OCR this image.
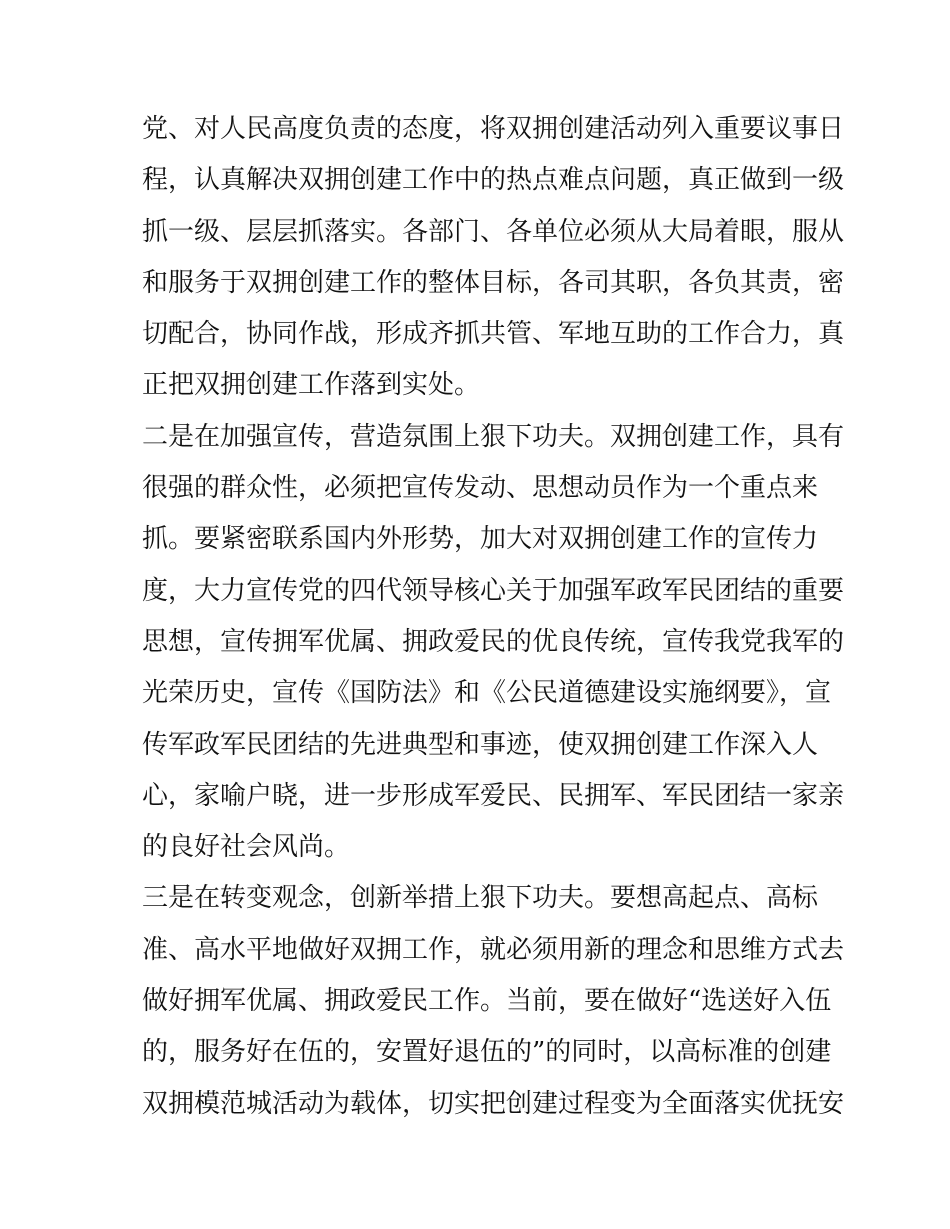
党、对人民高度负责的态度，将双拥创建活动列入重要议事日
程，认真解决双拥创建工作中的热点难点问题，真正做到一级
抓一级、层层抓落实。各部门、各单位必须从大局着眼，服从
和服务于双拥创建工作的整体目标，各司其职，各负其责，密
切配合，协同作战，形成齐抓共管、军地互助的工作合力，真
正把双拥创建工作落到实处。
二是在加强宣传，营造氛围上狠下功夫。双拥创建工作，具有
很强的群众性，必须把宣传发动、思想动员作为一个重点来
抓。要紧密联系国内外形势，加大对双拥创建工作的宣传力
度，大力宣传党的四代领导核心关于加强军政军民团结的重要
思想，宣传拥军优属、拥政爱民的优良传统，宣传我党我军的
光荣历史，宣传《国防法》和《公民道德建设实施纲要》，宣
传军政军民团结的先进典型和事迹，使双拥创建工作深入人
心，家喻户晓，进一步形成军爱民、民拥军、军民团结一家亲
的良好社会风尚。
三是在转变观念，创新举措上狠下功夫。要想高起点、高标
准、高水平地做好双拥工作，就必须用新的理念和思维方式去
做好拥军优属、拥政爱民工作。当前，要在做好“选送好入伍
的，服务好在伍的，安置好退伍的”的同时，以高标准的创建
双拥模范城活动为载体，切实把创建过程变为全面落实优抚安
